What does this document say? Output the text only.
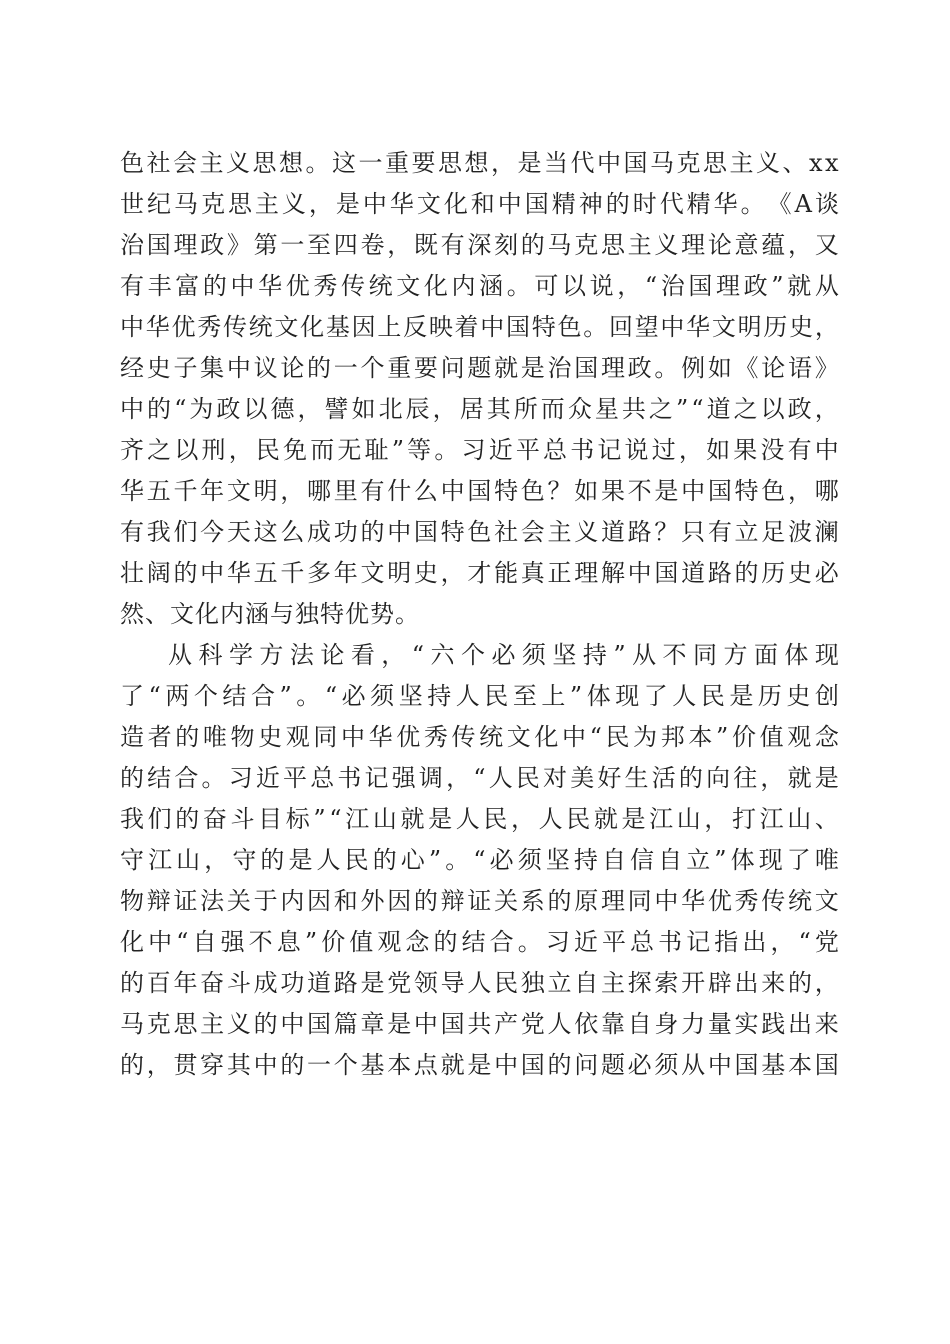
色 社 会 主 义 思 想 。 这 一 重 要 思 想 ， 是 当 代 中 国 马 克 思 主 义 、 x x
世 纪 马 克 思 主 义 ， 是 中 华 文 化 和 中 国 精 神 的 时 代 精 华 。 《 A 谈
治 国 理 政 》 第 一 至 四 卷 ， 既 有 深 刻 的 马 克 思 主 义 理 论 意 蕴 ， 又
有 丰 富 的 中 华 优 秀 传 统 文 化 内 涵 。 可 以 说 ， “ 治 国 理 政 ” 就 从
中 华 优 秀 传 统 文 化 基 因 上 反 映 着 中 国 特 色 。 回 望 中 华 文 明 历 史 ，
经 史 子 集 中 议 论 的 一 个 重 要 问 题 就 是 治 国 理 政 。 例 如 《 论 语 》
中 的 “ 为 政 以 德 ， 譬 如 北 辰 ， 居 其 所 而 众 星 共 之 ” “ 道 之 以 政 ，
齐 之 以 刑 ， 民 免 而 无 耻 ” 等 。 习 近 平 总 书 记 说 过 ， 如 果 没 有 中
华 五 千 年 文 明 ， 哪 里 有 什 么 中 国 特 色 ？ 如 果 不 是 中 国 特 色 ， 哪
有 我 们 今 天 这 么 成 功 的 中 国 特 色 社 会 主 义 道 路 ？ 只 有 立 足 波 澜
壮 阔 的 中 华 五 千 多 年 文 明 史 ， 才 能 真 正 理 解 中 国 道 路 的 历 史 必
然、文化内涵与独特优势。
从 科 学 方 法 论 看 ， “ 六 个 必 须 坚 持 ” 从 不 同 方 面 体 现
了 “ 两 个 结 合 ” 。 “ 必 须 坚 持 人 民 至 上 ” 体 现 了 人 民 是 历 史 创
造 者 的 唯 物 史 观 同 中 华 优 秀 传 统 文 化 中 “ 民 为 邦 本 ” 价 值 观 念
的 结 合 。 习 近 平 总 书 记 强 调 ， “ 人 民 对 美 好 生 活 的 向 往 ， 就 是
我 们 的 奋 斗 目 标 ” “ 江 山 就 是 人 民 ， 人 民 就 是 江 山 ， 打 江 山 、
守 江 山 ， 守 的 是 人 民 的 心 ” 。 “ 必 须 坚 持 自 信 自 立 ” 体 现 了 唯
物 辩 证 法 关 于 内 因 和 外 因 的 辩 证 关 系 的 原 理 同 中 华 优 秀 传 统 文
化 中 “ 自 强 不 息 ” 价 值 观 念 的 结 合 。 习 近 平 总 书 记 指 出 ， “ 党
的 百 年 奋 斗 成 功 道 路 是 党 领 导 人 民 独 立 自 主 探 索 开 辟 出 来 的 ，
马 克 思 主 义 的 中 国 篇 章 是 中 国 共 产 党 人 依 靠 自 身 力 量 实 践 出 来
的 ， 贯 穿 其 中 的 一 个 基 本 点 就 是 中 国 的 问 题 必 须 从 中 国 基 本 国
